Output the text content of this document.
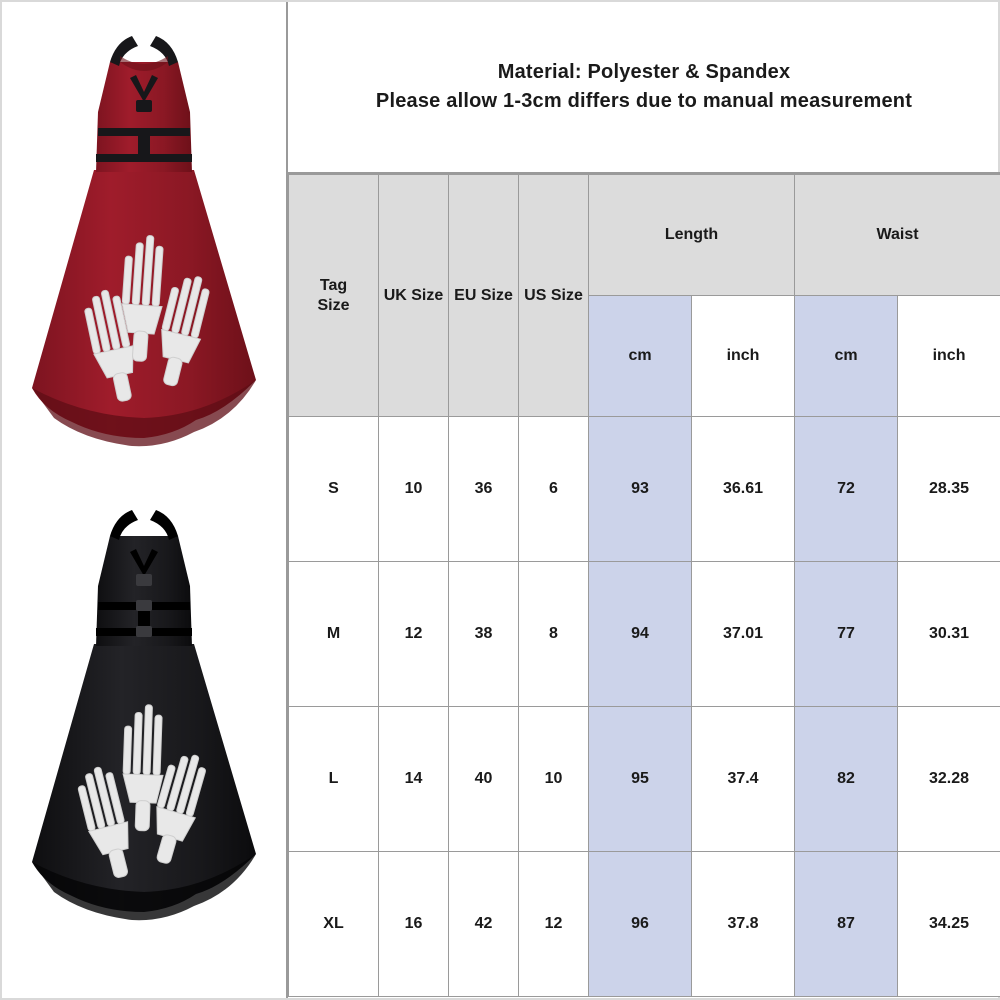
Material: Polyester & Spandex
Please allow 1-3cm differs due to manual measurement
Tag
Size	UK Size	EU Size	US Size	Length		Waist	
				cm	inch	cm	inch
S	10	36	6	93	36.61	72	28.35
M	12	38	8	94	37.01	77	30.31
L	14	40	10	95	37.4	82	32.28
XL	16	42	12	96	37.8	87	34.25
